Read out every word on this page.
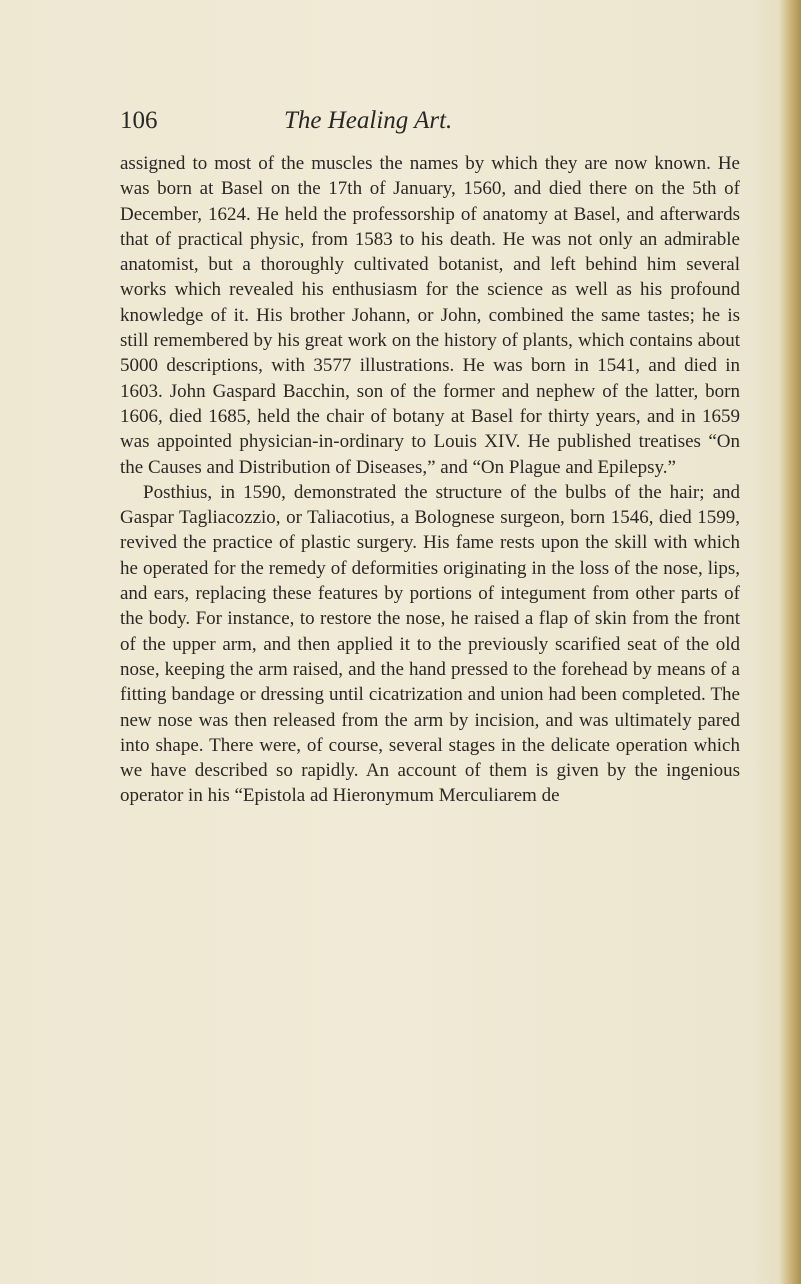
106	The Healing Art.

assigned to most of the muscles the names by which they are now known. He was born at Basel on the 17th of January, 1560, and died there on the 5th of December, 1624. He held the professorship of anatomy at Basel, and afterwards that of practical physic, from 1583 to his death. He was not only an admirable anatomist, but a thoroughly cultivated botanist, and left behind him several works which revealed his enthusiasm for the science as well as his profound knowledge of it. His brother Johann, or John, combined the same tastes; he is still remembered by his great work on the history of plants, which contains about 5000 descriptions, with 3577 illustrations. He was born in 1541, and died in 1603. John Gaspard Bacchin, son of the former and nephew of the latter, born 1606, died 1685, held the chair of botany at Basel for thirty years, and in 1659 was appointed physician-in-ordinary to Louis XIV. He published treatises “On the Causes and Distribution of Diseases,” and “On Plague and Epilepsy.”

Posthius, in 1590, demonstrated the structure of the bulbs of the hair; and Gaspar Tagliacozzio, or Taliacotius, a Bolognese surgeon, born 1546, died 1599, revived the practice of plastic surgery. His fame rests upon the skill with which he operated for the remedy of deformities originating in the loss of the nose, lips, and ears, replacing these features by portions of integument from other parts of the body. For instance, to restore the nose, he raised a flap of skin from the front of the upper arm, and then applied it to the previously scarified seat of the old nose, keeping the arm raised, and the hand pressed to the forehead by means of a fitting bandage or dressing until cicatrization and union had been completed. The new nose was then released from the arm by incision, and was ultimately pared into shape. There were, of course, several stages in the delicate operation which we have described so rapidly. An account of them is given by the ingenious operator in his “Epistola ad Hieronymum Merculiarem de
